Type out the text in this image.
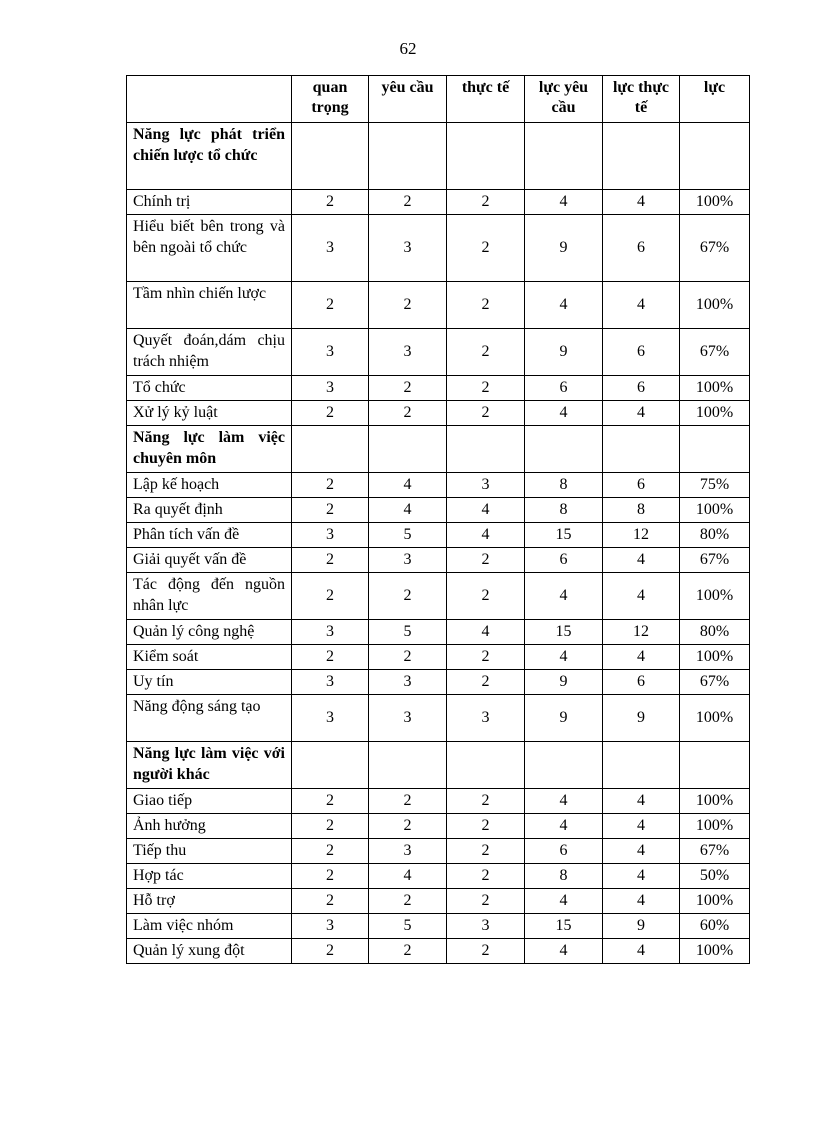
62
	quan trọng	yêu cầu	thực tế	lực yêu cầu	lực thực tế	lực
Năng lực phát triển chiến lược tổ chức						
Chính trị	2	2	2	4	4	100%
Hiểu biết bên trong và bên ngoài tổ chức	3	3	2	9	6	67%
Tầm nhìn chiến lược	2	2	2	4	4	100%
Quyết đoán,dám chịu trách nhiệm	3	3	2	9	6	67%
Tổ chức	3	2	2	6	6	100%
Xử lý kỷ luật	2	2	2	4	4	100%
Năng lực làm việc chuyên môn						
Lập kế hoạch	2	4	3	8	6	75%
Ra quyết định	2	4	4	8	8	100%
Phân tích vấn đề	3	5	4	15	12	80%
Giải quyết vấn đề	2	3	2	6	4	67%
Tác động đến nguồn nhân lực	2	2	2	4	4	100%
Quản lý công nghệ	3	5	4	15	12	80%
Kiểm soát	2	2	2	4	4	100%
Uy tín	3	3	2	9	6	67%
Năng động sáng tạo	3	3	3	9	9	100%
Năng lực làm việc với người khác						
Giao tiếp	2	2	2	4	4	100%
Ảnh hưởng	2	2	2	4	4	100%
Tiếp thu	2	3	2	6	4	67%
Hợp tác	2	4	2	8	4	50%
Hỗ trợ	2	2	2	4	4	100%
Làm việc nhóm	3	5	3	15	9	60%
Quản lý xung đột	2	2	2	4	4	100%
